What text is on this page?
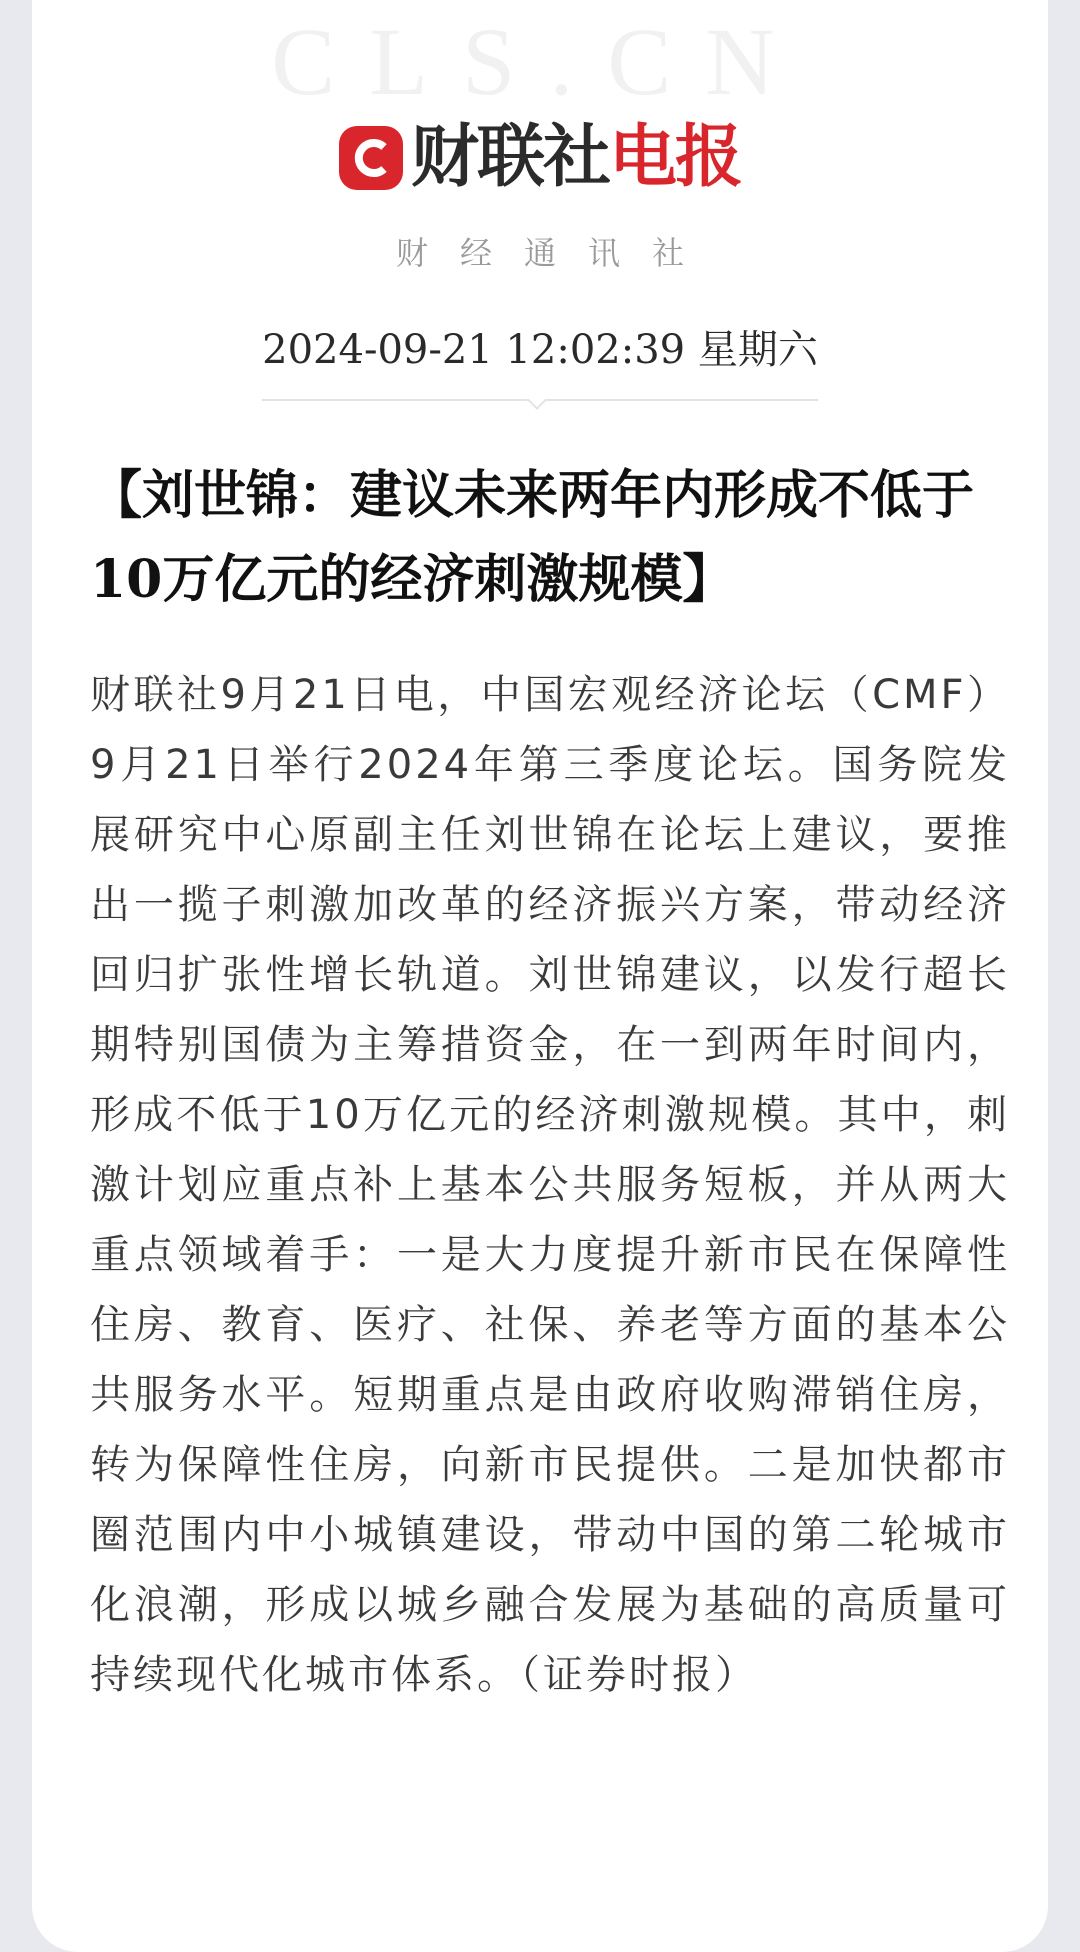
CLS.CN
财联社电报
财经通讯社
2024-09-21 12:02:39 星期六
【刘世锦：建议未来两年内形成不低于10万亿元的经济刺激规模】
财联社9月21日电，中国宏观经济论坛（CMF）9月21日举行2024年第三季度论坛。国务院发展研究中心原副主任刘世锦在论坛上建议，要推出一揽子刺激加改革的经济振兴方案，带动经济回归扩张性增长轨道。刘世锦建议，以发行超长期特别国债为主筹措资金，在一到两年时间内，形成不低于10万亿元的经济刺激规模。其中，刺激计划应重点补上基本公共服务短板，并从两大重点领域着手：一是大力度提升新市民在保障性住房、教育、医疗、社保、养老等方面的基本公共服务水平。短期重点是由政府收购滞销住房，转为保障性住房，向新市民提供。二是加快都市圈范围内中小城镇建设，带动中国的第二轮城市化浪潮，形成以城乡融合发展为基础的高质量可持续现代化城市体系。（证券时报）
